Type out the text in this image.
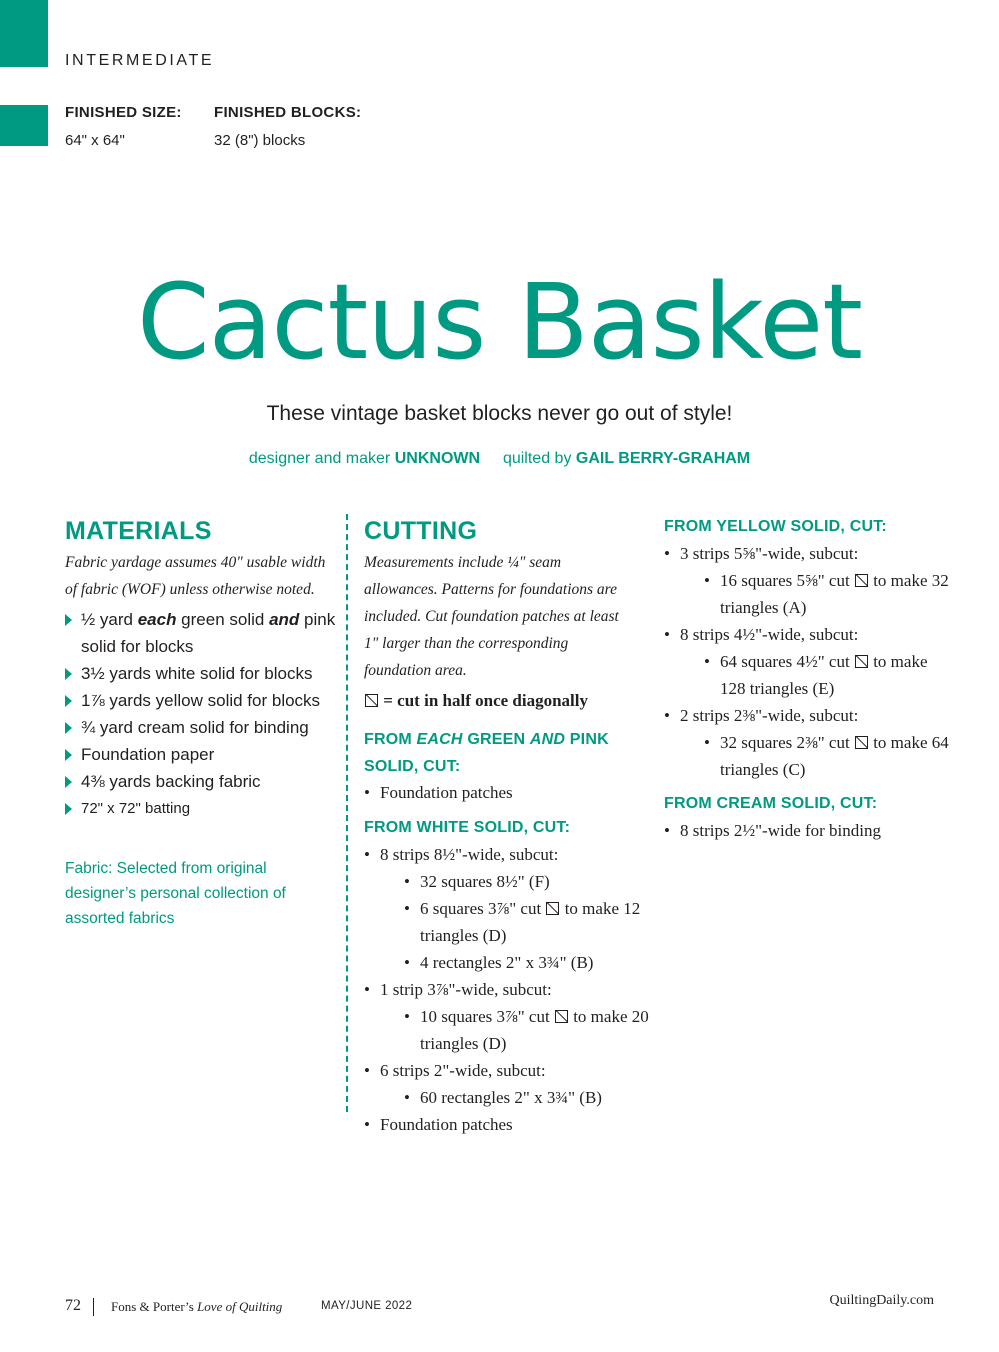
INTERMEDIATE
FINISHED SIZE:
64" x 64"
FINISHED BLOCKS:
32 (8") blocks
Cactus Basket
These vintage basket blocks never go out of style!
designer and maker UNKNOWN quilted by GAIL BERRY-GRAHAM
MATERIALS
Fabric yardage assumes 40" usable width of fabric (WOF) unless otherwise noted.
½ yard each green solid and pink solid for blocks
3½ yards white solid for blocks
1⅞ yards yellow solid for blocks
¾ yard cream solid for binding
Foundation paper
4⅜ yards backing fabric
72" x 72" batting
Fabric: Selected from original designer’s personal collection of assorted fabrics
CUTTING
Measurements include ¼" seam allowances. Patterns for foundations are included. Cut foundation patches at least 1" larger than the corresponding foundation area.
= cut in half once diagonally
FROM EACH GREEN AND PINK SOLID, CUT:
• Foundation patches
FROM WHITE SOLID, CUT:
• 8 strips 8½"-wide, subcut:
• 32 squares 8½" (F)
• 6 squares 3⅞" cut to make 12 triangles (D)
• 4 rectangles 2" x 3¾" (B)
• 1 strip 3⅞"-wide, subcut:
• 10 squares 3⅞" cut to make 20 triangles (D)
• 6 strips 2"-wide, subcut:
• 60 rectangles 2" x 3¾" (B)
• Foundation patches
FROM YELLOW SOLID, CUT:
• 3 strips 5⅝"-wide, subcut:
• 16 squares 5⅝" cut to make 32 triangles (A)
• 8 strips 4½"-wide, subcut:
• 64 squares 4½" cut to make 128 triangles (E)
• 2 strips 2⅜"-wide, subcut:
• 32 squares 2⅜" cut to make 64 triangles (C)
FROM CREAM SOLID, CUT:
• 8 strips 2½"-wide for binding
72 Fons & Porter’s Love of Quilting	MAY/JUNE 2022	QuiltingDaily.com
